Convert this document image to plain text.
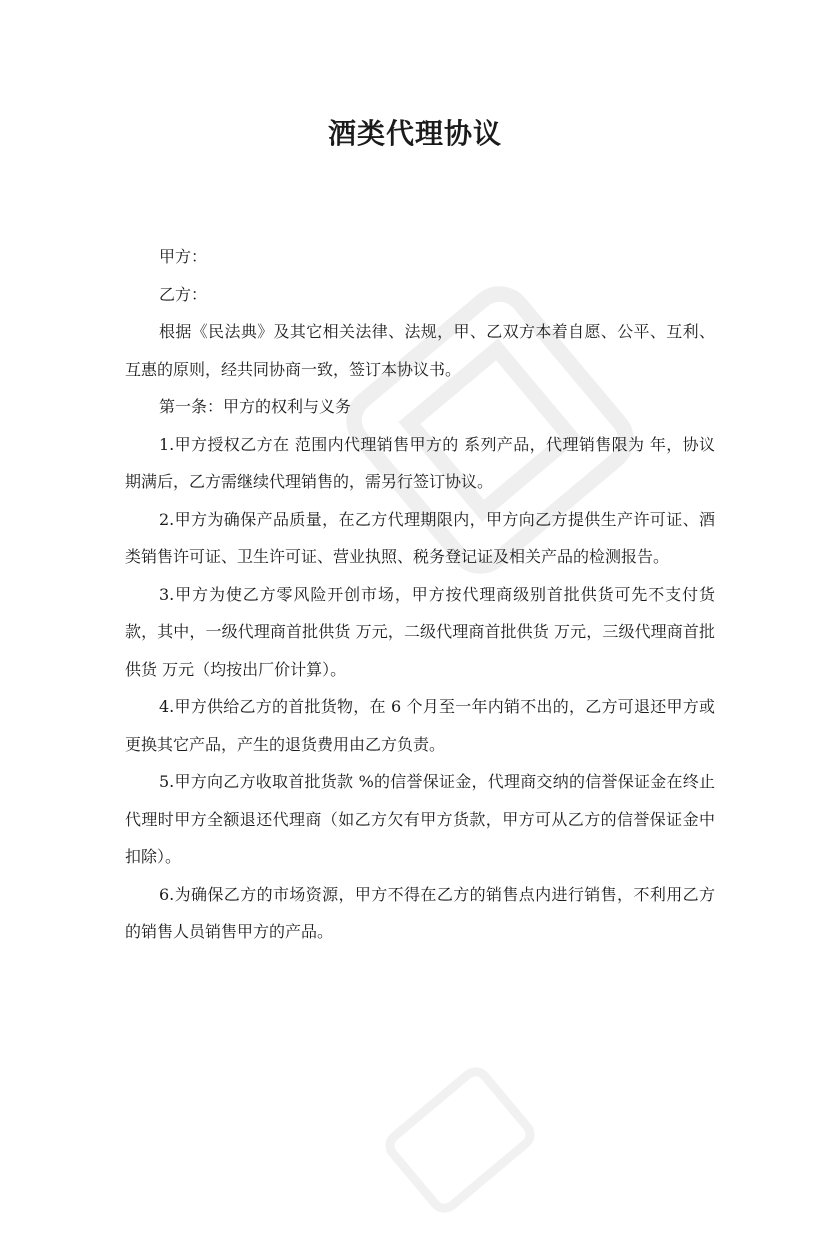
酒类代理协议

甲方：

乙方：

根据《民法典》及其它相关法律、法规，甲、乙双方本着自愿、公平、互利、互惠的原则，经共同协商一致，签订本协议书。

第一条：甲方的权利与义务

1.甲方授权乙方在 范围内代理销售甲方的 系列产品，代理销售限为 年，协议期满后，乙方需继续代理销售的，需另行签订协议。

2.甲方为确保产品质量，在乙方代理期限内，甲方向乙方提供生产许可证、酒类销售许可证、卫生许可证、营业执照、税务登记证及相关产品的检测报告。

3.甲方为使乙方零风险开创市场，甲方按代理商级别首批供货可先不支付货款，其中，一级代理商首批供货 万元，二级代理商首批供货 万元，三级代理商首批供货 万元（均按出厂价计算）。

4.甲方供给乙方的首批货物，在 6 个月至一年内销不出的，乙方可退还甲方或更换其它产品，产生的退货费用由乙方负责。

5.甲方向乙方收取首批货款 %的信誉保证金，代理商交纳的信誉保证金在终止代理时甲方全额退还代理商（如乙方欠有甲方货款，甲方可从乙方的信誉保证金中扣除）。

6.为确保乙方的市场资源，甲方不得在乙方的销售点内进行销售，不利用乙方的销售人员销售甲方的产品。
